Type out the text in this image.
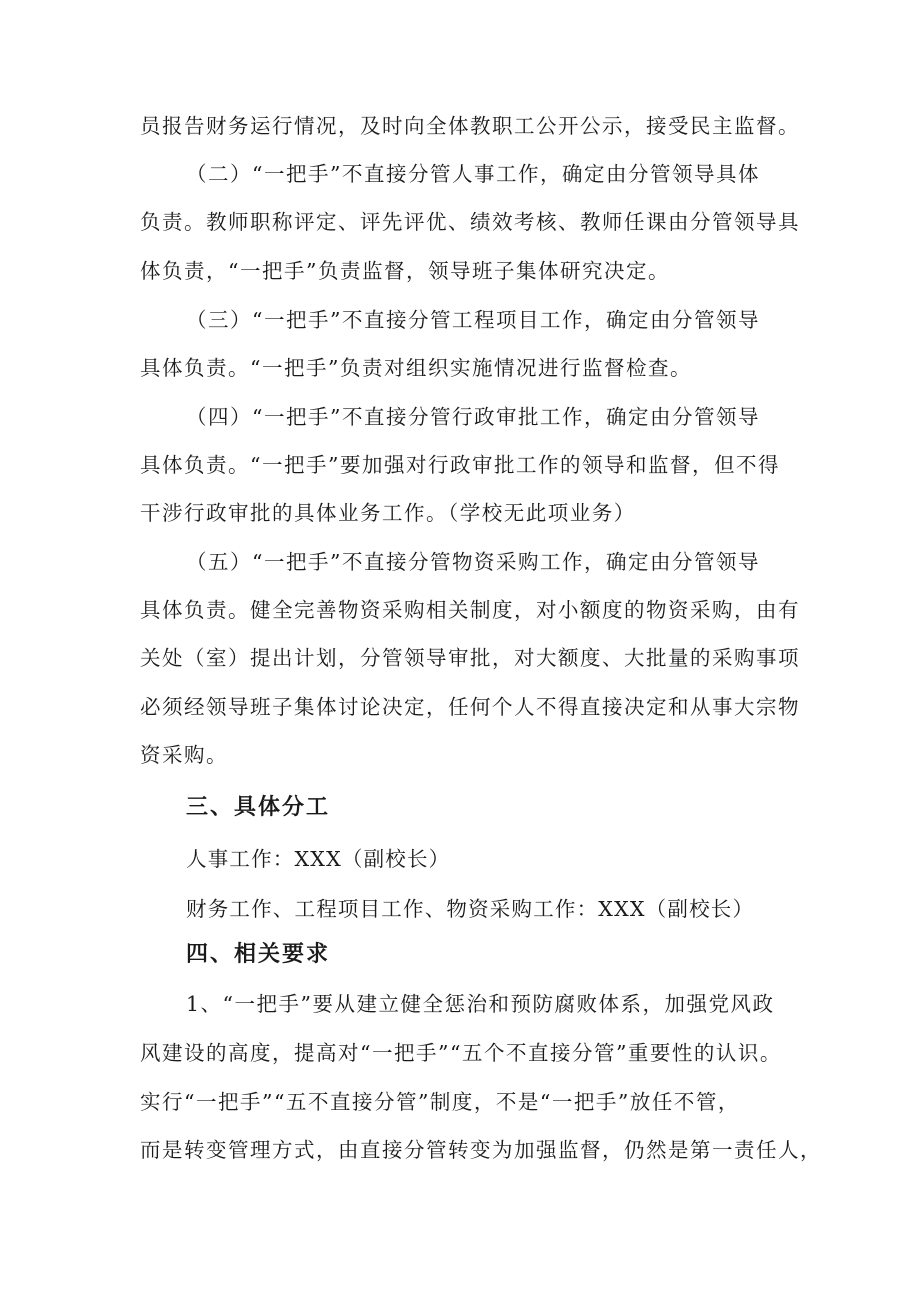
员报告财务运行情况，及时向全体教职工公开公示，接受民主监督。
（二）“一把手”不直接分管人事工作，确定由分管领导具体
负责。教师职称评定、评先评优、绩效考核、教师任课由分管领导具
体负责，“一把手”负责监督，领导班子集体研究决定。
（三）“一把手”不直接分管工程项目工作，确定由分管领导
具体负责。“一把手”负责对组织实施情况进行监督检查。
（四）“一把手”不直接分管行政审批工作，确定由分管领导
具体负责。“一把手”要加强对行政审批工作的领导和监督，但不得
干涉行政审批的具体业务工作。（学校无此项业务）
（五）“一把手”不直接分管物资采购工作，确定由分管领导
具体负责。健全完善物资采购相关制度，对小额度的物资采购，由有
关处（室）提出计划，分管领导审批，对大额度、大批量的采购事项
必须经领导班子集体讨论决定，任何个人不得直接决定和从事大宗物
资采购。
三、具体分工
人事工作：XXX（副校长）
财务工作、工程项目工作、物资采购工作：XXX（副校长）
四、相关要求
1、“一把手”要从建立健全惩治和预防腐败体系，加强党风政
风建设的高度，提高对“一把手”“五个不直接分管”重要性的认识。
实行“一把手”“五不直接分管”制度，不是“一把手”放任不管，
而是转变管理方式，由直接分管转变为加强监督，仍然是第一责任人，
